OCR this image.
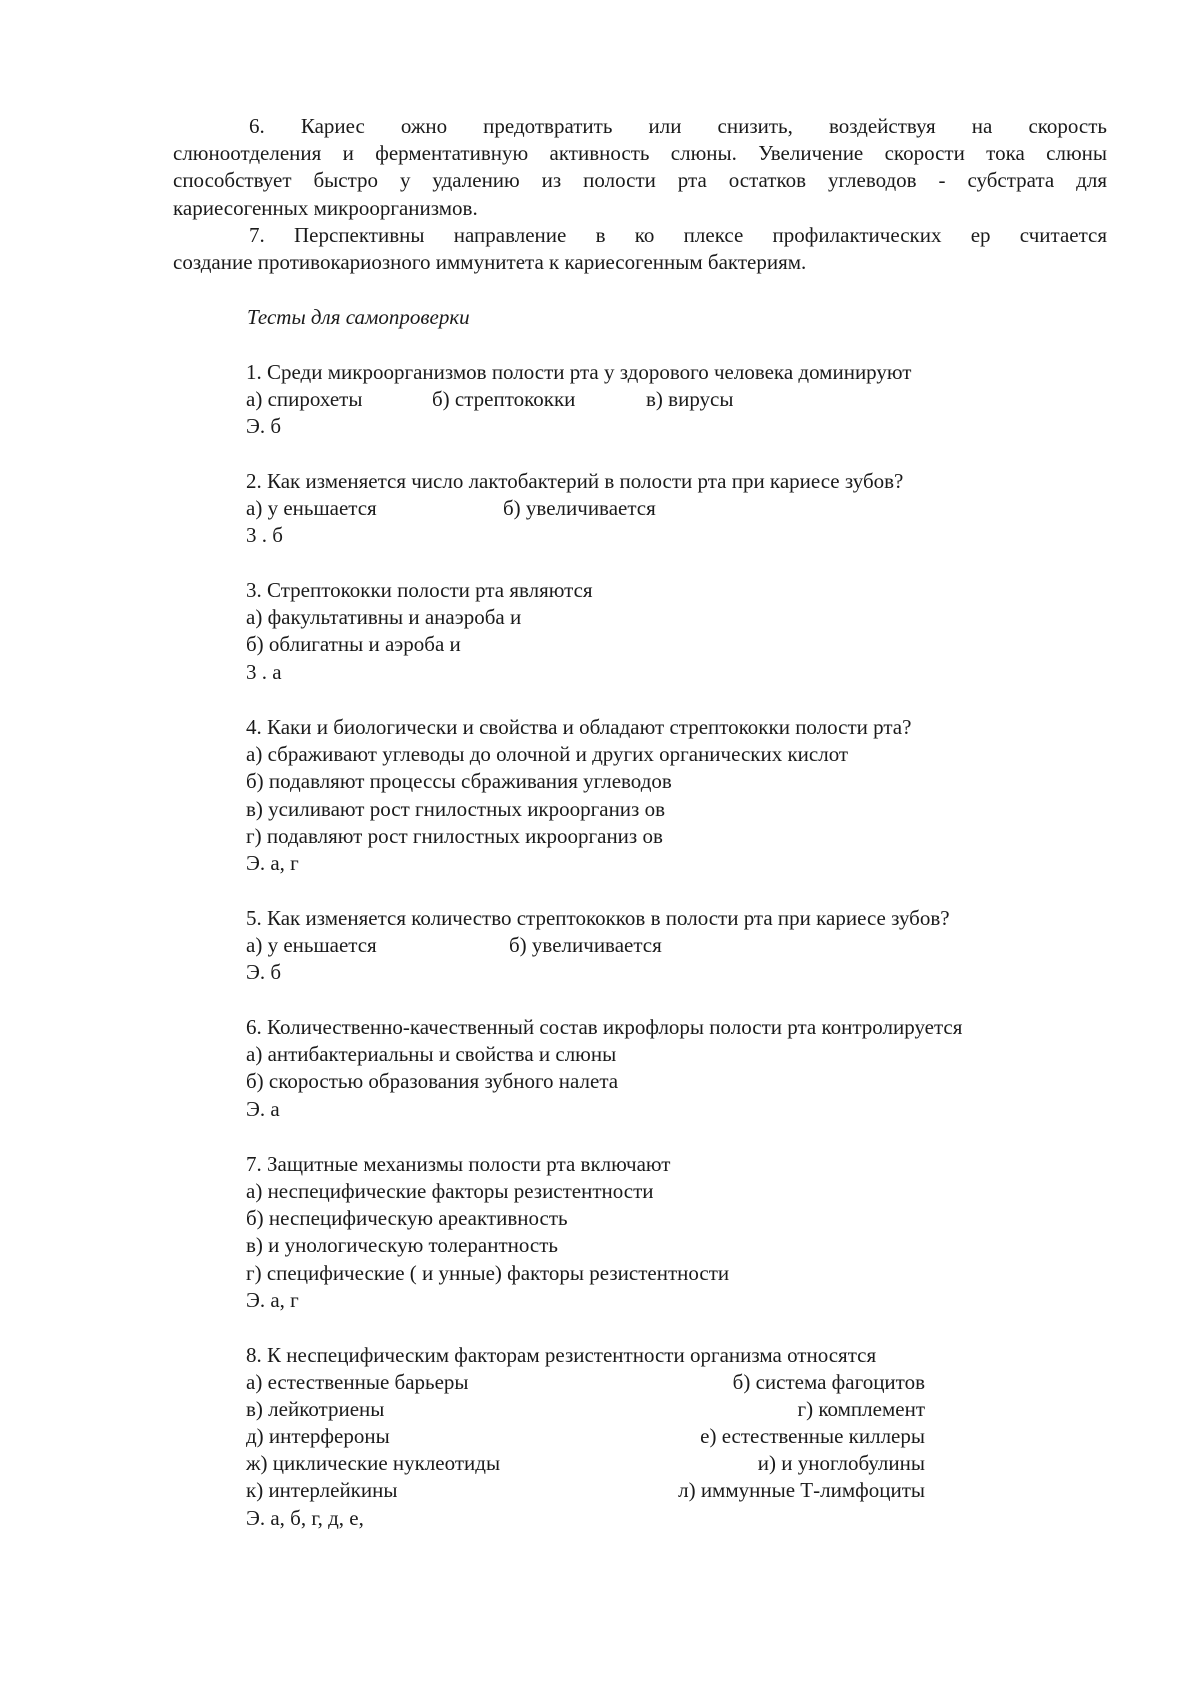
6. Кариес ожно предотвратить или снизить, воздействуя на скорость
слюноотделения и ферментативную активность слюны. Увеличение скорости тока слюны
способствует быстро у удалению из полости рта остатков углеводов - субстрата для
кариесогенных микроорганизмов.
7. Перспективны направление в ко плексе профилактических ер считается
создание противокариозного иммунитета к кариесогенным бактериям.
Тесты для самопроверки
1. Среди микроорганизмов полости рта у здорового человека доминируют
а) спирохеты	б) стрептококки	в) вирусы
Э. б
2. Как изменяется число лактобактерий в полости рта при кариесе зубов?
а) у еньшается	б) увеличивается
3 . б
3. Стрептококки полости рта являются
а) факультативны и анаэроба и
б) облигатны и аэроба и
3 . а
4. Каки и биологически и свойства и обладают стрептококки полости рта?
а) сбраживают углеводы до олочной и других органических кислот
б) подавляют процессы сбраживания углеводов
в) усиливают рост гнилостных икроорганиз ов
г) подавляют рост гнилостных икроорганиз ов
Э. а, г
5. Как изменяется количество стрептококков в полости рта при кариесе зубов?
а) у еньшается	б) увеличивается
Э. б
6. Количественно-качественный состав икрофлоры полости рта контролируется
а) антибактериальны и свойства и слюны
б) скоростью образования зубного налета
Э. а
7. Защитные механизмы полости рта включают
а) неспецифические факторы резистентности
б) неспецифическую ареактивность
в) и унологическую толерантность
г) специфические ( и унные) факторы резистентности
Э. а, г
8. К неспецифическим факторам резистентности организма относятся
а) естественные барьеры	б) система фагоцитов
в) лейкотриены	г) комплемент
д) интерфероны	е) естественные киллеры
ж) циклические нуклеотиды	и) и уноглобулины
к) интерлейкины	л) иммунные Т-лимфоциты
Э. а, б, г, д, е,
